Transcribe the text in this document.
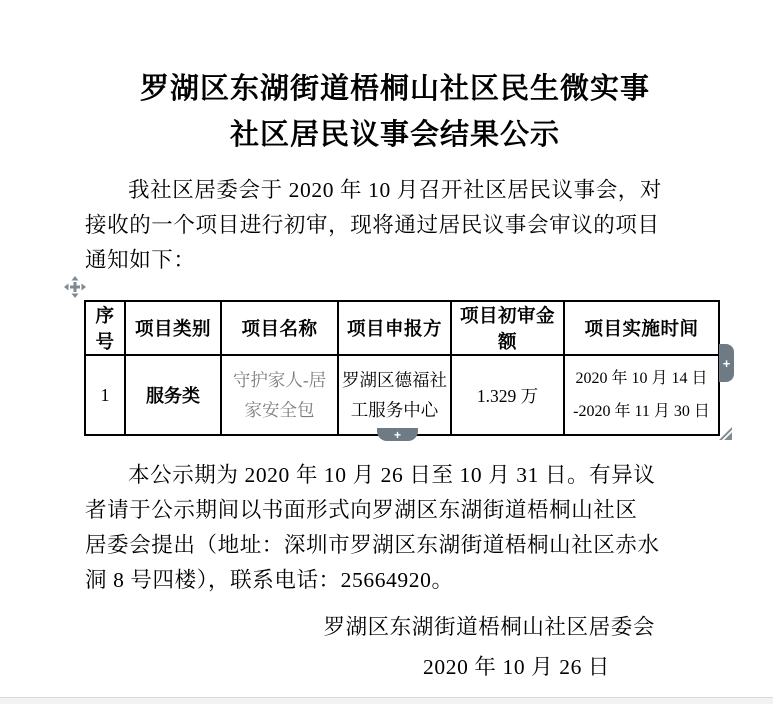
罗湖区东湖街道梧桐山社区民生微实事
社区居民议事会结果公示
我社区居委会于 2020 年 10 月召开社区居民议事会，对
接收的一个项目进行初审，现将通过居民议事会审议的项目
通知如下：
序号	项目类别	项目名称	项目申报方	项目初审金额	项目实施时间
1	服务类	守护家人-居家安全包	罗湖区德福社工服务中心	1.329 万	2020 年 10 月 14 日
-2020 年 11 月 30 日
+
+
本公示期为 2020 年 10 月 26 日至 10 月 31 日。有异议
者请于公示期间以书面形式向罗湖区东湖街道梧桐山社区
居委会提出（地址：深圳市罗湖区东湖街道梧桐山社区赤水
洞 8 号四楼），联系电话：25664920。
罗湖区东湖街道梧桐山社区居委会
2020 年 10 月 26 日
